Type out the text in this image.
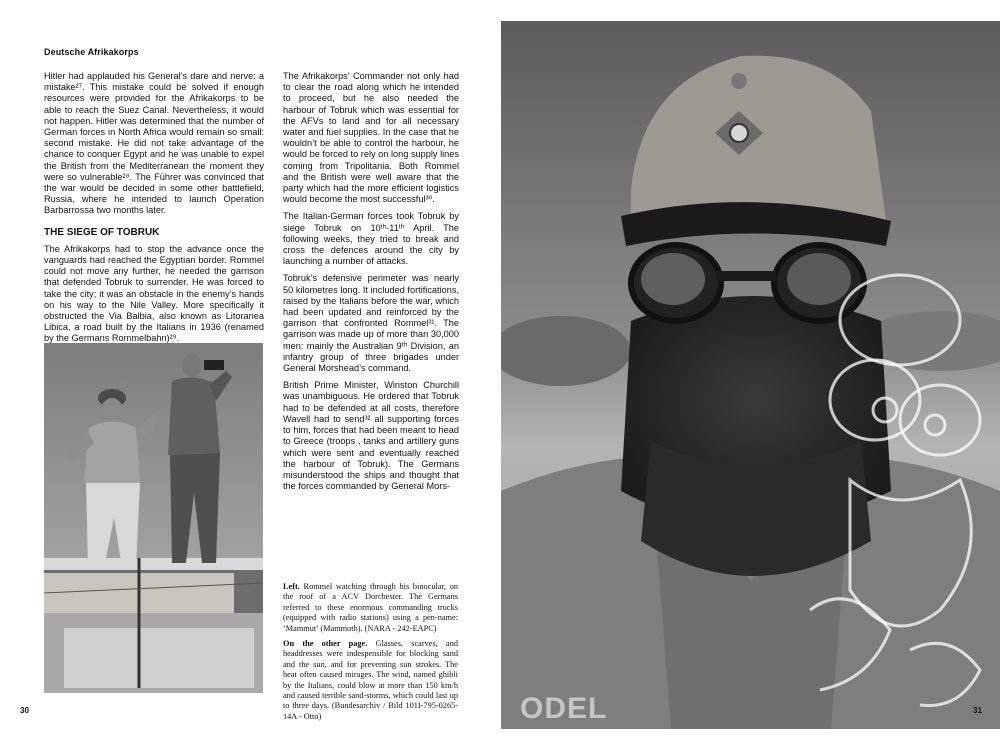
Deutsche Afrikakorps

Hitler had applauded his General’s dare and nerve: a mistake²⁷. This mistake could be solved if enough resources were provided for the Afrikakorps to be able to reach the Suez Canal. Nevertheless, it would not happen. Hitler was determined that the number of German forces in North Africa would remain so small: second mistake. He did not take advantage of the chance to conquer Egypt and he was unable to expel the British from the Mediterranean the moment they were so vulnerable²⁸. The Führer was convinced that the war would be decided in some other battlefield, Russia, where he intended to launch Operation Barbarrossa two months later.

THE SIEGE OF TOBRUK

The Afrikakorps had to stop the advance once the vanguards had reached the Egyptian border. Rommel could not move any further, he needed the garrison that defended Tobruk to surrender. He was forced to take the city; it was an obstacle in the enemy’s hands on his way to the Nile Valley. More specifically it obstructed the Via Balbia, also known as Litoranea Libica, a road built by the Italians in 1936 (renamed by the Germans Rommelbahn)²⁹.

The Afrikakorps’ Commander not only had to clear the road along which he intended to proceed, but he also needed the harbour of Tobruk which was essential for the AFVs to land and for all necessary water and fuel supplies. In the case that he wouldn’t be able to control the harbour, he would be forced to rely on long supply lines coming from Tripolitania. Both Rommel and the British were well aware that the party which had the more efficient logistics would become the most successful³⁰.

The Italian-German forces took Tobruk by siege Tobruk on 10ᵗʰ-11ᵗʰ April. The following weeks, they tried to break and cross the defences around the city by launching a number of attacks.

Tobruk’s defensive perimeter was nearly 50 kilometres long. It included fortifications, raised by the Italians before the war, which had been updated and reinforced by the garrison that confronted Rommel³¹. The garrison was made up of more than 30,000 men: mainly the Australian 9ᵗʰ Division, an infantry group of three brigades under General Morshead’s command.

British Prime Minister, Winston Churchill was unambiguous. He ordered that Tobruk had to be defended at all costs, therefore Wavell had to send³² all supporting forces to him, forces that had been meant to head to Greece (troops , tanks and artillery guns which were sent and eventually reached the harbour of Tobruk). The Germans misunderstood the ships and thought that the forces commanded by General Mors-

Left. Rommel watching through his binocular, on the roof of a ACV Dorchester. The Germans referred to these enormous commanding trucks (equipped with radio stations) using a pen-name: ‘Mammut’ (Mammoth). (NARA - 242-EAPC)

On the other page. Glasses, scarves, and headdresses were indespensible for blocking sand and the sun, and for preventing sun strokes. The heat often caused mirages. The wind, named ghibli by the Italians, could blow at more than 150 km/h and caused terrible sand-storms, which could last up to three days. (Bundesarchiv / Bild 101I-795-0265-14A - Otto)

30	ODEL	31
